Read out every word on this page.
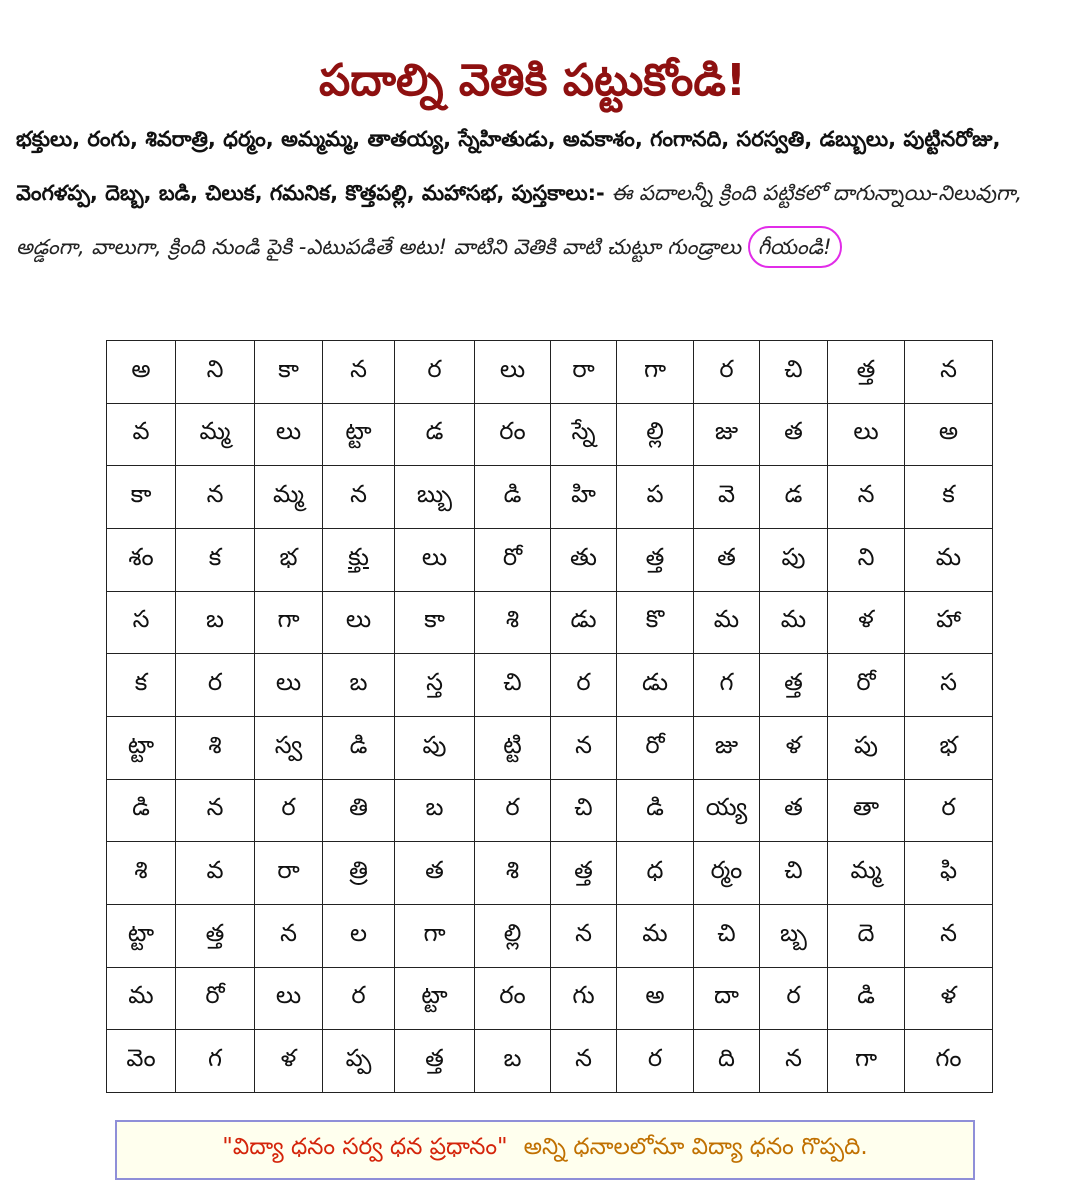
పదాల్ని వెతికి పట్టుకోండి!
భక్తులు, రంగు, శివరాత్రి, ధర్మం, అమ్మమ్మ, తాతయ్య, స్నేహితుడు, అవకాశం, గంగానది, సరస్వతి, డబ్బులు, పుట్టినరోజు, వెంగళప్ప, దెబ్బ, బడి, చిలుక, గమనిక, కొత్తపల్లి, మహాసభ, పుస్తకాలు:- ఈ పదాలన్నీ క్రింది పట్టికలో దాగున్నాయి-నిలువుగా, అడ్డంగా, వాలుగా, క్రింది నుండి పైకి -ఎటుపడితే అటు! వాటిని వెతికి వాటి చుట్టూ గుండ్రాలు గీయండి!
అ	ని	కా	న	ర	లు	రా	గా	ర	చి	త్త	న
వ	మ్మ	లు	ట్టా	డ	రం	స్నే	ల్లి	జు	త	లు	అ
కా	న	మ్మ	న	బ్బు	డి	హి	ప	వె	డ	న	క
శం	క	భ	క్తు	లు	రో	తు	త్త	త	పు	ని	మ
స	బ	గా	లు	కా	శి	డు	కొ	మ	మ	ళ	హా
క	ర	లు	బ	స్త	చి	ర	డు	గ	త్త	రో	స
ట్టా	శి	స్వ	డి	పు	ట్టి	న	రో	జు	ళ	పు	భ
డి	న	ర	తి	బ	ర	చి	డి	య్య	త	తా	ర
శి	వ	రా	త్రి	త	శి	త్త	ధ	ర్మం	చి	మ్మ	ఫి
ట్టా	త్త	న	ల	గా	ల్లి	న	మ	చి	బ్బ	దె	న
మ	రో	లు	ర	ట్టా	రం	గు	అ	దా	ర	డి	ళ
వెం	గ	ళ	ప్ప	త్త	బ	న	ర	ది	న	గా	గం
"విద్యా ధనం సర్వ ధన ప్రధానం" అన్ని ధనాలలోనూ విద్యా ధనం గొప్పది.
